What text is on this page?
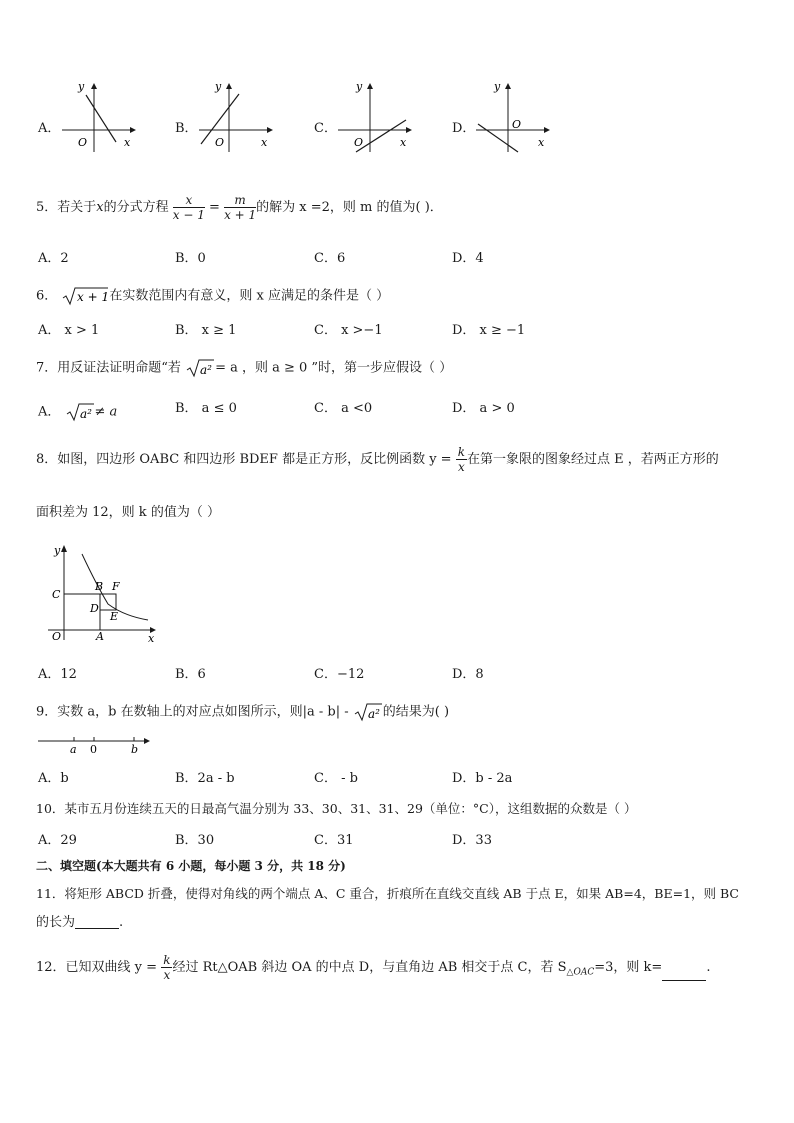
A．
y
O	x
B．
y
O	x
C．
y
O	x
D．
y
O
x
5．若关于x的分式方程 $\frac{x}{x - 1} = \frac{m}{x + 1}$ 的解为 x =2，则 m 的值为( )．
A．2	B．0	C．6	D．4
6． x + 1 在实数范围内有意义，则 x 应满足的条件是（ ）
A． x > 1	B． x ≥ 1	C． x >−1	D． x ≥ −1
7．用反证法证明命题“若 a² = a ，则 a ≥ 0 ”时，第一步应假设（ ）
A． a² ≠ a	B． a ≤ 0	C． a <0	D． a > 0
8．如图，四边形 OABC 和四边形 BDEF 都是正方形，反比例函数 $y = \frac{k}{x}$ 在第一象限的图象经过点 E ，若两正方形的
面积差为 12，则 k 的值为（ ）
y
x
O	A
C
B F
D
E
A．12	B．6	C．−12	D．8
9．实数 a，b 在数轴上的对应点如图所示，则|a - b| - a² 的结果为( )
a 0	b
A．b	B．2a - b	C． - b	D．b - 2a
10．某市五月份连续五天的日最高气温分别为 33、30、31、31、29（单位：°C），这组数据的众数是（ ）
A．29	B．30	C．31	D．33
二、填空题(本大题共有 6 小题，每小题 3 分，共 18 分)
11．将矩形 ABCD 折叠，使得对角线的两个端点 A、C 重合，折痕所在直线交直线 AB 于点 E，如果 AB=4，BE=1，则 BC
的长为	.
12．已知双曲线 $y = \frac{k}{x}$ 经过 Rt△OAB 斜边 OA 的中点 D，与直角边 AB 相交于点 C，若 $S_{\triangle OAC}=3$，则 k=	.
